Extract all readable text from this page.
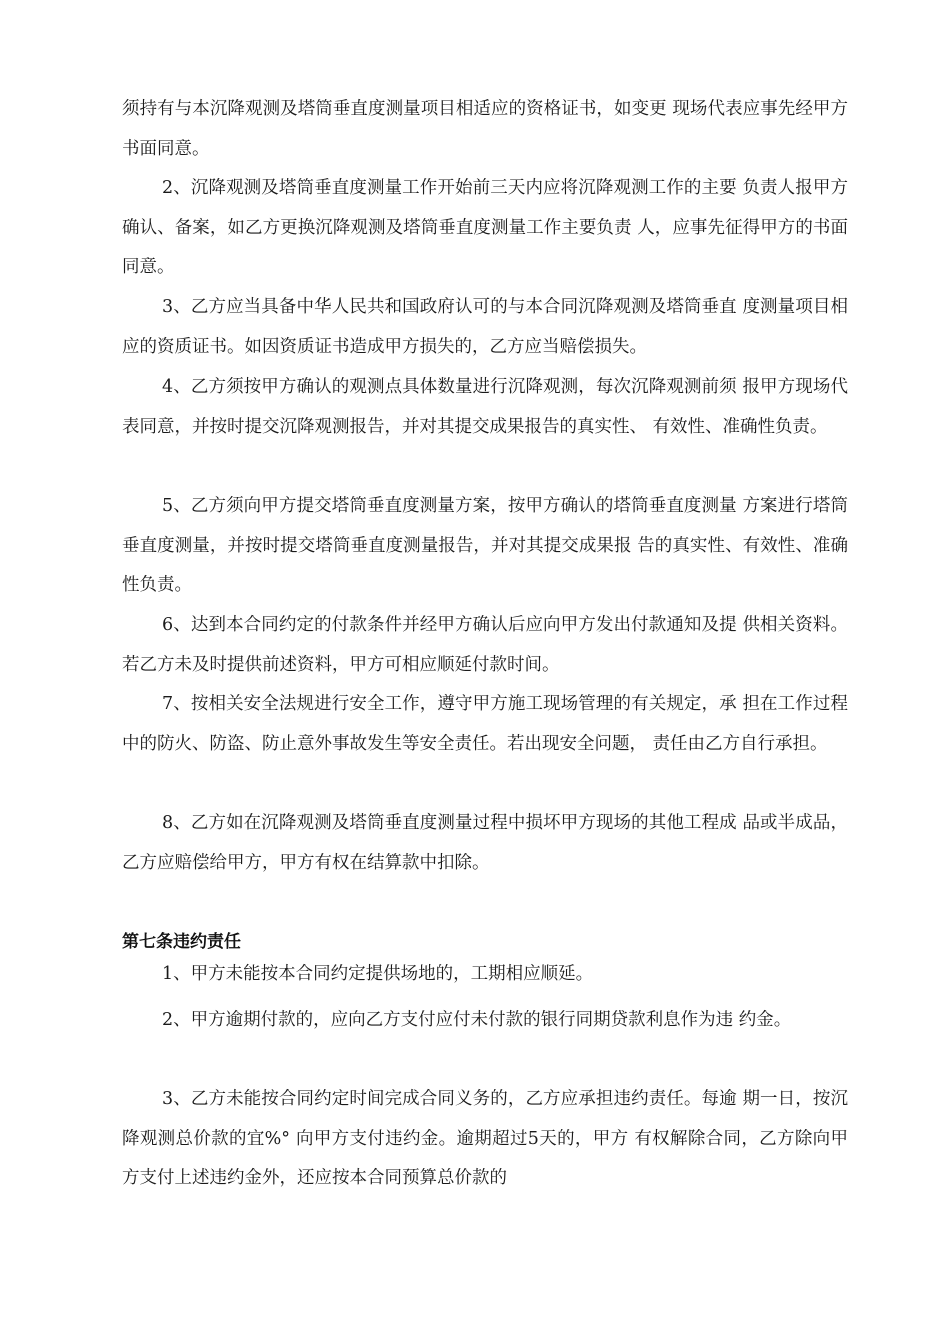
须持有与本沉降观测及塔筒垂直度测量项目相适应的资格证书，如变更 现场代表应事先经甲方书面同意。
2、沉降观测及塔筒垂直度测量工作开始前三天内应将沉降观测工作的主要 负责人报甲方确认、备案，如乙方更换沉降观测及塔筒垂直度测量工作主要负责 人，应事先征得甲方的书面同意。
3、乙方应当具备中华人民共和国政府认可的与本合同沉降观测及塔筒垂直 度测量项目相应的资质证书。如因资质证书造成甲方损失的，乙方应当赔偿损失。
4、乙方须按甲方确认的观测点具体数量进行沉降观测，每次沉降观测前须 报甲方现场代表同意，并按时提交沉降观测报告，并对其提交成果报告的真实性、 有效性、准确性负责。
5、乙方须向甲方提交塔筒垂直度测量方案，按甲方确认的塔筒垂直度测量 方案进行塔筒垂直度测量，并按时提交塔筒垂直度测量报告，并对其提交成果报 告的真实性、有效性、准确性负责。
6、达到本合同约定的付款条件并经甲方确认后应向甲方发出付款通知及提 供相关资料。若乙方未及时提供前述资料，甲方可相应顺延付款时间。
7、按相关安全法规进行安全工作，遵守甲方施工现场管理的有关规定，承 担在工作过程中的防火、防盗、防止意外事故发生等安全责任。若出现安全问题， 责任由乙方自行承担。
8、乙方如在沉降观测及塔筒垂直度测量过程中损坏甲方现场的其他工程成 品或半成品，乙方应赔偿给甲方，甲方有权在结算款中扣除。
第七条违约责任
1、甲方未能按本合同约定提供场地的，工期相应顺延。
2、甲方逾期付款的，应向乙方支付应付未付款的银行同期贷款利息作为违 约金。
3、乙方未能按合同约定时间完成合同义务的，乙方应承担违约责任。每逾 期一日，按沉降观测总价款的宜%° 向甲方支付违约金。逾期超过5天的，甲方 有权解除合同，乙方除向甲方支付上述违约金外，还应按本合同预算总价款的
